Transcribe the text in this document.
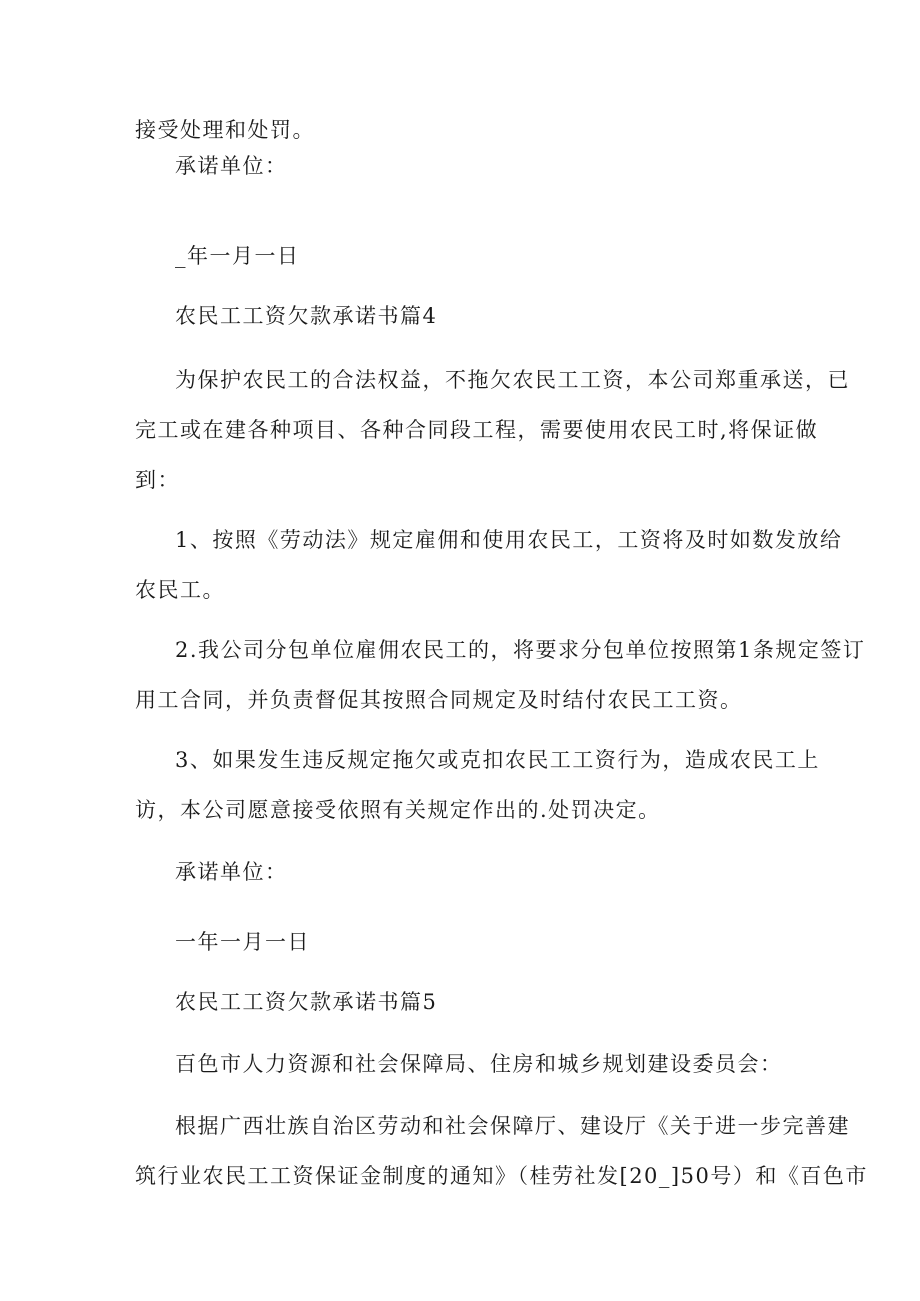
接受处理和处罚。
承诺单位：
_年一月一日
农民工工资欠款承诺书篇4
为保护农民工的合法权益，不拖欠农民工工资，本公司郑重承送，已
完工或在建各种项目、各种合同段工程，需要使用农民工时,将保证做
到：
1、按照《劳动法》规定雇佣和使用农民工，工资将及时如数发放给
农民工。
2.我公司分包单位雇佣农民工的，将要求分包单位按照第1条规定签订
用工合同，并负责督促其按照合同规定及时结付农民工工资。
3、如果发生违反规定拖欠或克扣农民工工资行为，造成农民工上
访，本公司愿意接受依照有关规定作出的.处罚决定。
承诺单位：
一年一月一日
农民工工资欠款承诺书篇5
百色市人力资源和社会保障局、住房和城乡规划建设委员会：
根据广西壮族自治区劳动和社会保障厅、建设厅《关于进一步完善建
筑行业农民工工资保证金制度的通知》（桂劳社发[20_]50号）和《百色市
